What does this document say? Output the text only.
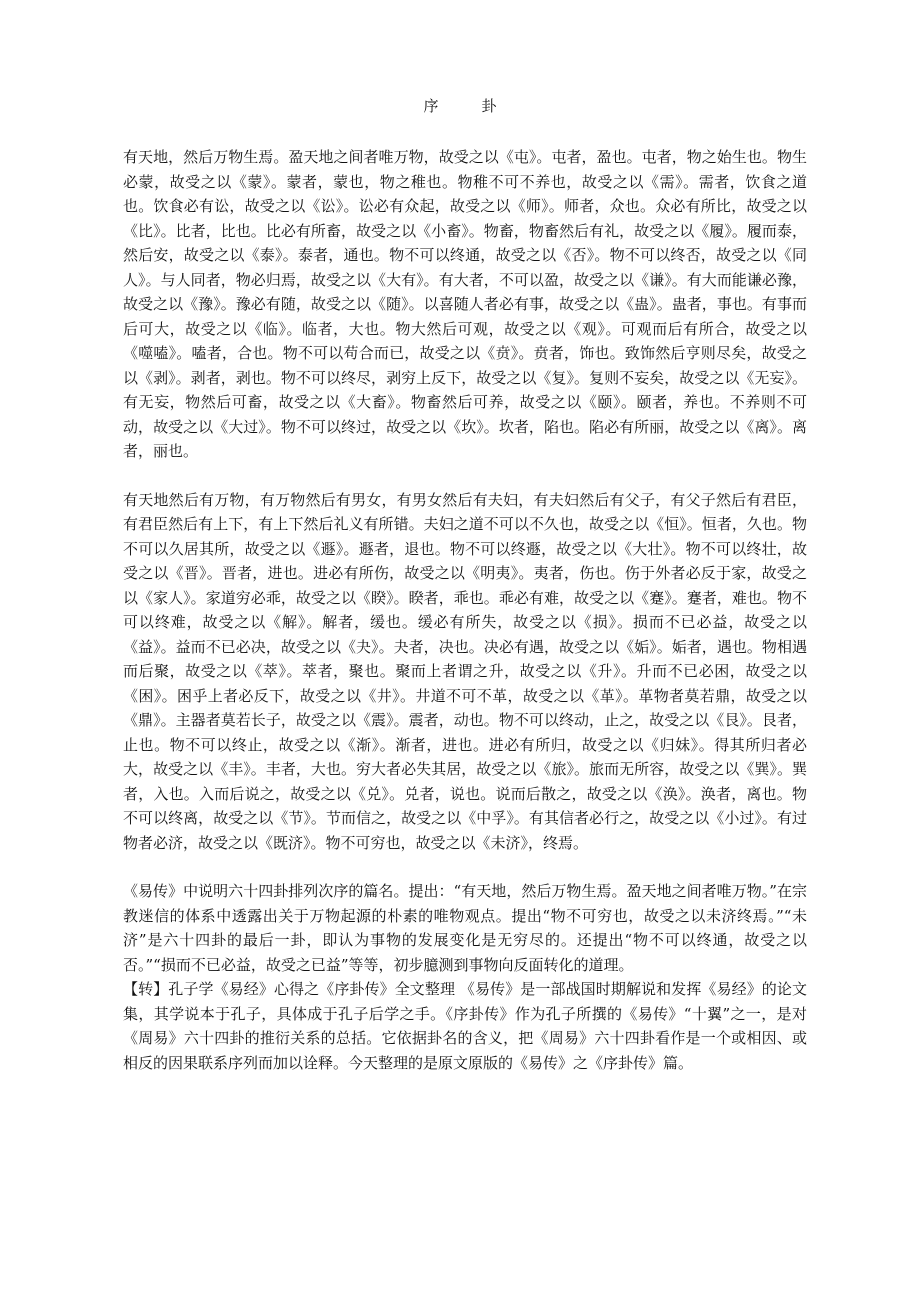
序　卦

有天地，然后万物生焉。盈天地之间者唯万物，故受之以《屯》。屯者，盈也。屯者，物之始生也。物生必蒙，故受之以《蒙》。蒙者，蒙也，物之稚也。物稚不可不养也，故受之以《需》。需者，饮食之道也。饮食必有讼，故受之以《讼》。讼必有众起，故受之以《师》。师者，众也。众必有所比，故受之以《比》。比者，比也。比必有所畜，故受之以《小畜》。物畜，物畜然后有礼，故受之以《履》。履而泰，然后安，故受之以《泰》。泰者，通也。物不可以终通，故受之以《否》。物不可以终否，故受之以《同人》。与人同者，物必归焉，故受之以《大有》。有大者，不可以盈，故受之以《谦》。有大而能谦必豫，故受之以《豫》。豫必有随，故受之以《随》。以喜随人者必有事，故受之以《蛊》。蛊者，事也。有事而后可大，故受之以《临》。临者，大也。物大然后可观，故受之以《观》。可观而后有所合，故受之以《噬嗑》。嗑者，合也。物不可以苟合而已，故受之以《贲》。贲者，饰也。致饰然后亨则尽矣，故受之以《剥》。剥者，剥也。物不可以终尽，剥穷上反下，故受之以《复》。复则不妄矣，故受之以《无妄》。有无妄，物然后可畜，故受之以《大畜》。物畜然后可养，故受之以《颐》。颐者，养也。不养则不可动，故受之以《大过》。物不可以终过，故受之以《坎》。坎者，陷也。陷必有所丽，故受之以《离》。离者，丽也。

有天地然后有万物，有万物然后有男女，有男女然后有夫妇，有夫妇然后有父子，有父子然后有君臣，有君臣然后有上下，有上下然后礼义有所错。夫妇之道不可以不久也，故受之以《恒》。恒者，久也。物不可以久居其所，故受之以《遯》。遯者，退也。物不可以终遯，故受之以《大壮》。物不可以终壮，故受之以《晋》。晋者，进也。进必有所伤，故受之以《明夷》。夷者，伤也。伤于外者必反于家，故受之以《家人》。家道穷必乖，故受之以《睽》。睽者，乖也。乖必有难，故受之以《蹇》。蹇者，难也。物不可以终难，故受之以《解》。解者，缓也。缓必有所失，故受之以《损》。损而不已必益，故受之以《益》。益而不已必决，故受之以《夬》。夬者，决也。决必有遇，故受之以《姤》。姤者，遇也。物相遇而后聚，故受之以《萃》。萃者，聚也。聚而上者谓之升，故受之以《升》。升而不已必困，故受之以《困》。困乎上者必反下，故受之以《井》。井道不可不革，故受之以《革》。革物者莫若鼎，故受之以《鼎》。主器者莫若长子，故受之以《震》。震者，动也。物不可以终动，止之，故受之以《艮》。艮者，止也。物不可以终止，故受之以《渐》。渐者，进也。进必有所归，故受之以《归妹》。得其所归者必大，故受之以《丰》。丰者，大也。穷大者必失其居，故受之以《旅》。旅而无所容，故受之以《巽》。巽者，入也。入而后说之，故受之以《兑》。兑者，说也。说而后散之，故受之以《涣》。涣者，离也。物不可以终离，故受之以《节》。节而信之，故受之以《中孚》。有其信者必行之，故受之以《小过》。有过物者必济，故受之以《既济》。物不可穷也，故受之以《未济》，终焉。

《易传》中说明六十四卦排列次序的篇名。提出：“有天地，然后万物生焉。盈天地之间者唯万物。”在宗教迷信的体系中透露出关于万物起源的朴素的唯物观点。提出“物不可穷也，故受之以未济终焉。”“未济”是六十四卦的最后一卦，即认为事物的发展变化是无穷尽的。还提出“物不可以终通，故受之以否。”“损而不已必益，故受之已益”等等，初步臆测到事物向反面转化的道理。

【转】孔子学《易经》心得之《序卦传》全文整理 《易传》是一部战国时期解说和发挥《易经》的论文集，其学说本于孔子，具体成于孔子后学之手。《序卦传》作为孔子所撰的《易传》“十翼”之一，是对《周易》六十四卦的推衍关系的总括。它依据卦名的含义，把《周易》六十四卦看作是一个或相因、或相反的因果联系序列而加以诠释。今天整理的是原文原版的《易传》之《序卦传》篇。
